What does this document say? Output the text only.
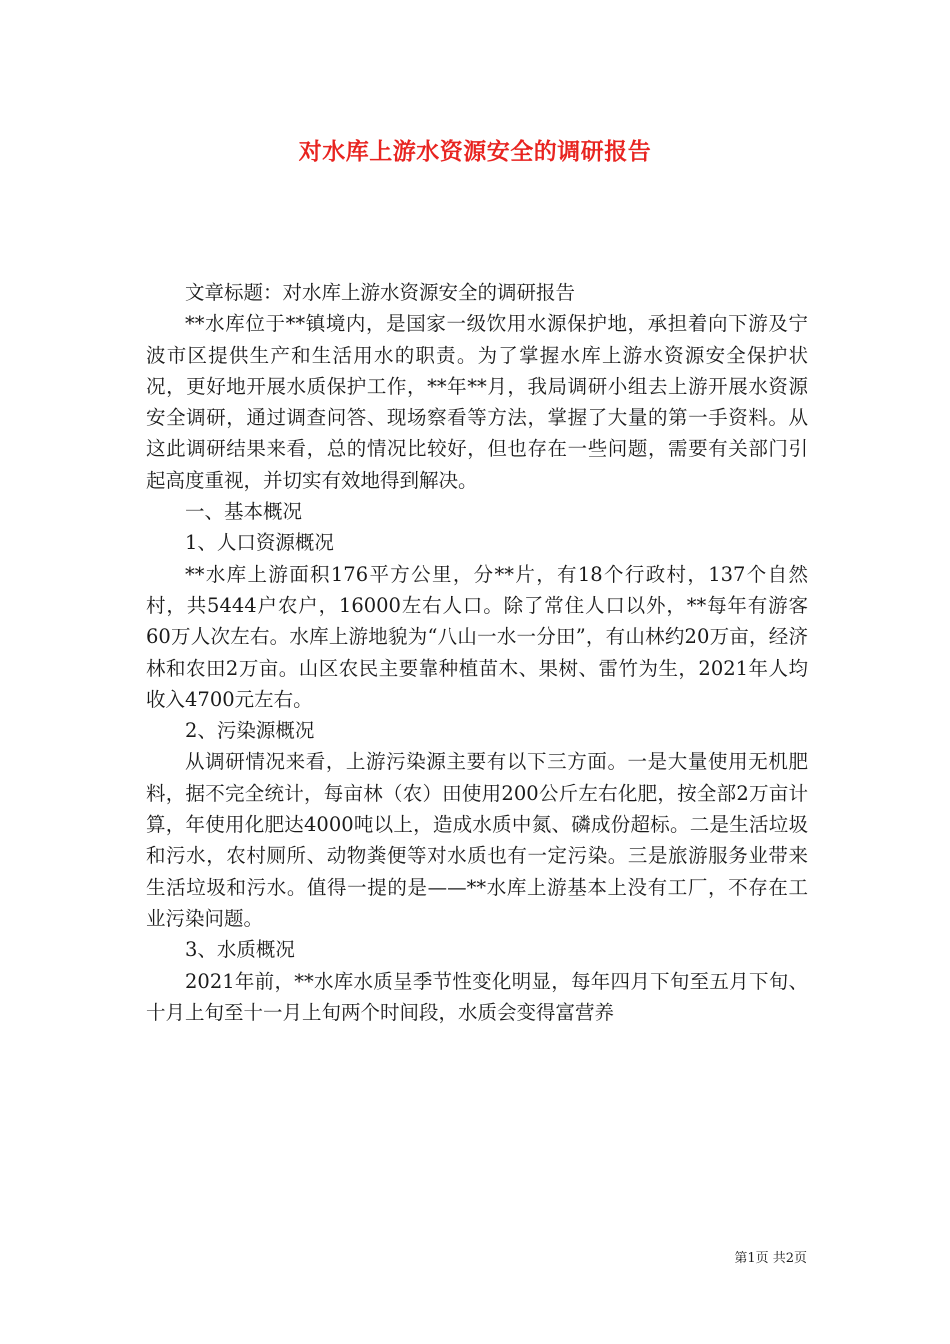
对水库上游水资源安全的调研报告

文章标题：对水库上游水资源安全的调研报告

**水库位于**镇境内，是国家一级饮用水源保护地，承担着向下游及宁波市区提供生产和生活用水的职责。为了掌握水库上游水资源安全保护状况，更好地开展水质保护工作，**年**月，我局调研小组去上游开展水资源安全调研，通过调查问答、现场察看等方法，掌握了大量的第一手资料。从这此调研结果来看，总的情况比较好，但也存在一些问题，需要有关部门引起高度重视，并切实有效地得到解决。

一、基本概况

1、人口资源概况

**水库上游面积176平方公里，分**片，有18个行政村，137个自然村，共5444户农户，16000左右人口。除了常住人口以外，**每年有游客60万人次左右。水库上游地貌为“八山一水一分田”，有山林约20万亩，经济林和农田2万亩。山区农民主要靠种植苗木、果树、雷竹为生，2021年人均收入4700元左右。

2、污染源概况

从调研情况来看，上游污染源主要有以下三方面。一是大量使用无机肥料，据不完全统计，每亩林（农）田使用200公斤左右化肥，按全部2万亩计算，年使用化肥达4000吨以上，造成水质中氮、磷成份超标。二是生活垃圾和污水，农村厕所、动物粪便等对水质也有一定污染。三是旅游服务业带来生活垃圾和污水。值得一提的是——**水库上游基本上没有工厂，不存在工业污染问题。

3、水质概况

2021年前，**水库水质呈季节性变化明显，每年四月下旬至五月下旬、十月上旬至十一月上旬两个时间段，水质会变得富营养

第1页 共2页
